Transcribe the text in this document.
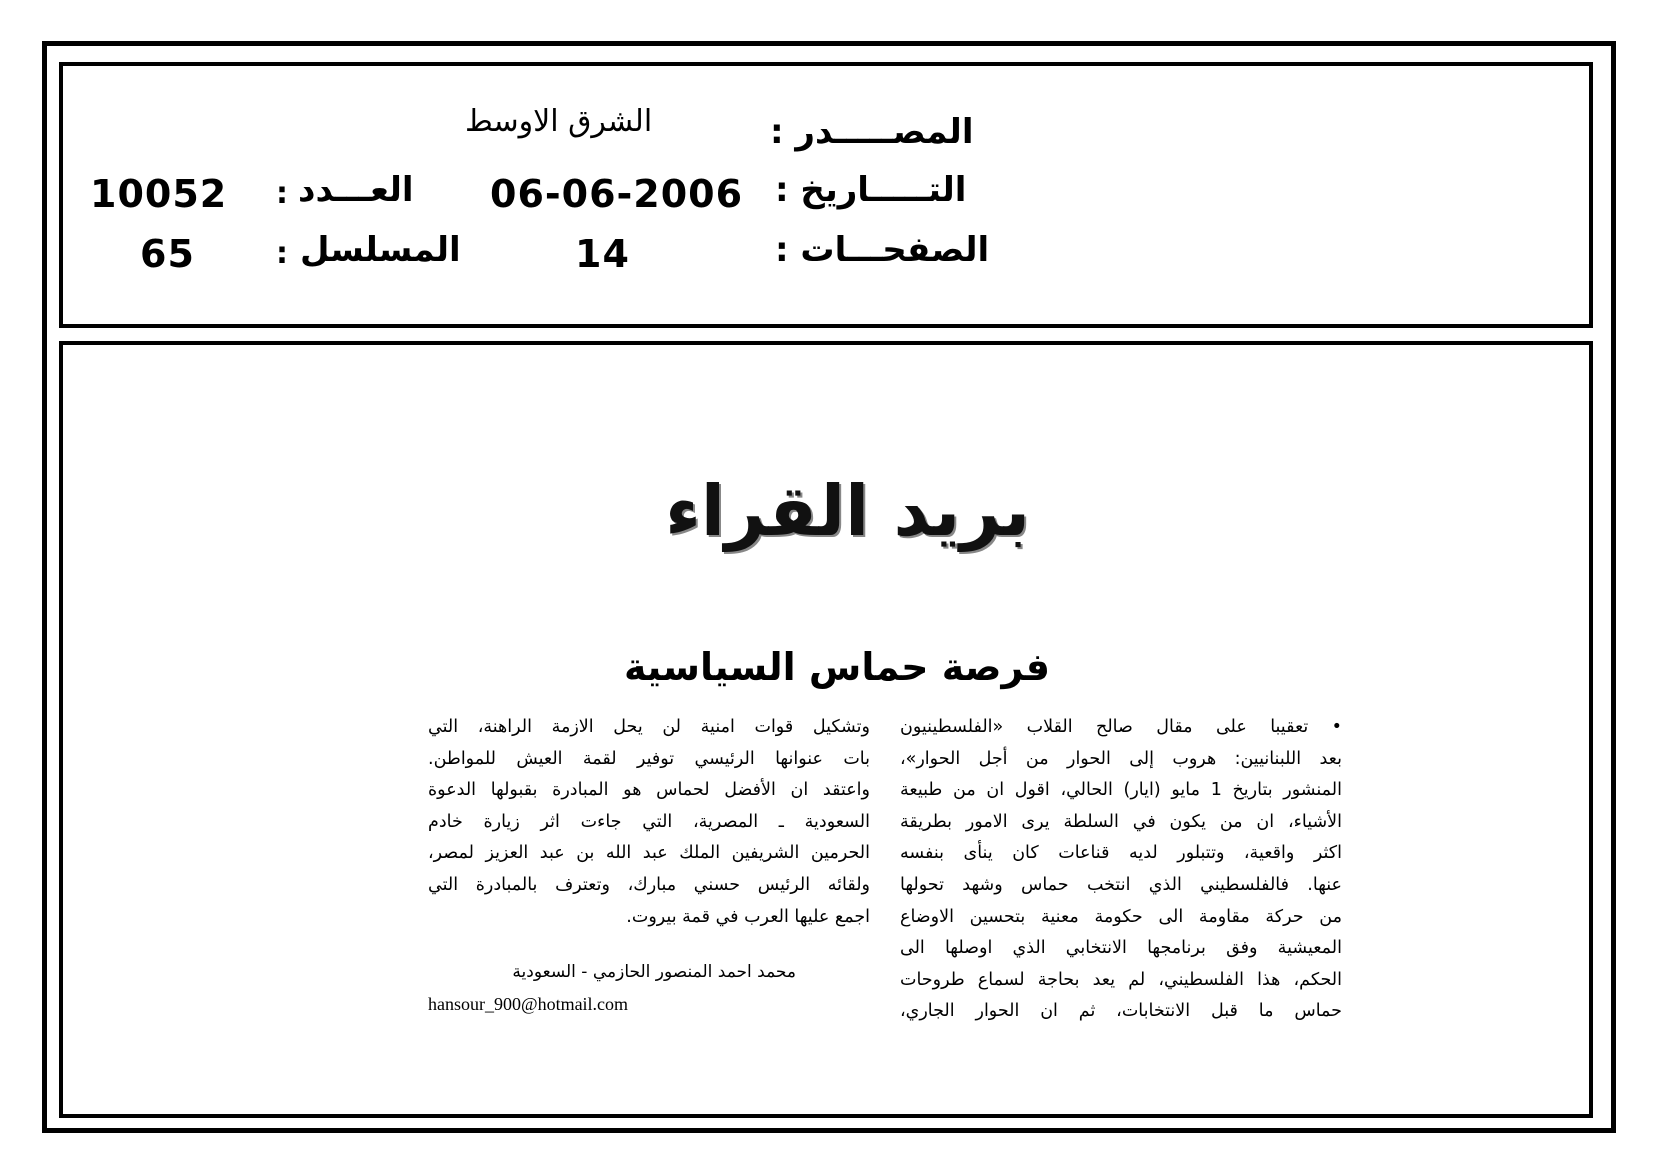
المصـــــدر :
الشرق الاوسط
التـــــاريخ :
06-06-2006
العـــدد
:
10052
الصفحـــات :
14
المسلسل
:
65
بريد القراء
فرصة حماس السياسية
• تعقيبا على مقال صالح القلاب «الفلسطينيون
بعد اللبنانيين: هروب إلى الحوار من أجل الحوار»،
المنشور بتاريخ 1 مايو (ايار) الحالي، اقول ان من طبيعة
الأشياء، ان من يكون في السلطة يرى الامور بطريقة
اكثر واقعية، وتتبلور لديه قناعات كان ينأى بنفسه
عنها. فالفلسطيني الذي انتخب حماس وشهد تحولها
من حركة مقاومة الى حكومة معنية بتحسين الاوضاع
المعيشية وفق برنامجها الانتخابي الذي اوصلها الى
الحكم، هذا الفلسطيني، لم يعد بحاجة لسماع طروحات
حماس ما قبل الانتخابات، ثم ان الحوار الجاري،
وتشكيل قوات امنية لن يحل الازمة الراهنة، التي
بات عنوانها الرئيسي توفير لقمة العيش للمواطن.
واعتقد ان الأفضل لحماس هو المبادرة بقبولها الدعوة
السعودية ـ المصرية، التي جاءت اثر زيارة خادم
الحرمين الشريفين الملك عبد الله بن عبد العزيز لمصر،
ولقائه الرئيس حسني مبارك، وتعترف بالمبادرة التي
اجمع عليها العرب في قمة بيروت.
محمد احمد المنصور الحازمي - السعودية
hansour_900@hotmail.com
